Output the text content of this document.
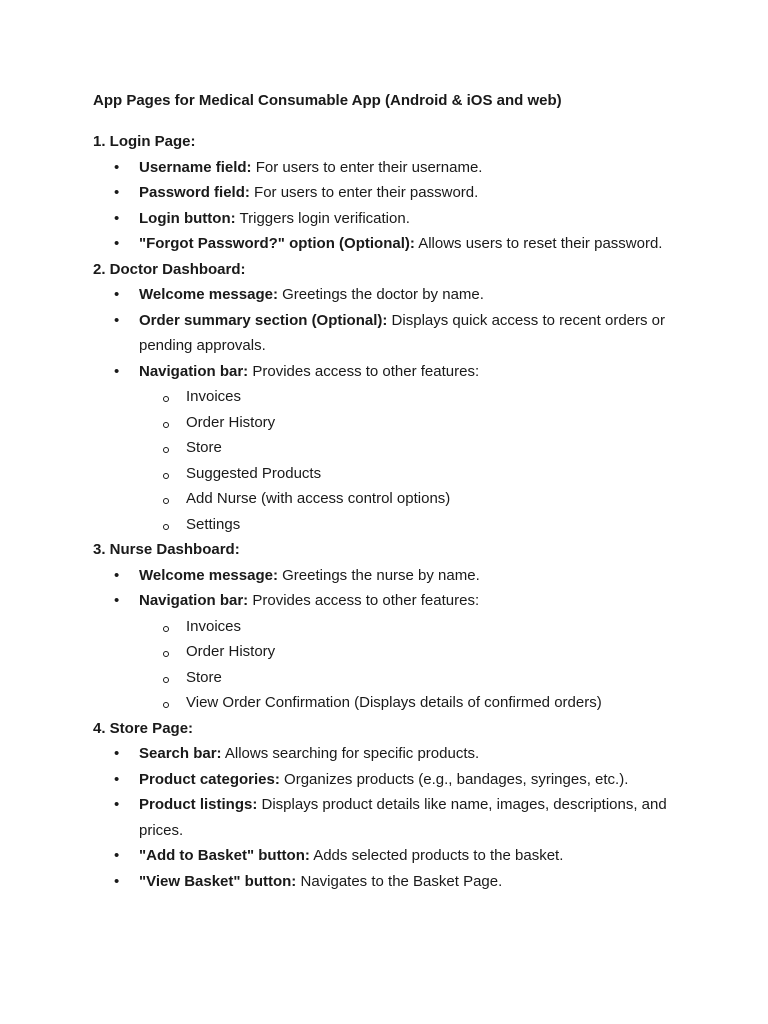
App Pages for Medical Consumable App (Android & iOS and web)
1. Login Page:
• Username field: For users to enter their username.
• Password field: For users to enter their password.
• Login button: Triggers login verification.
• "Forgot Password?" option (Optional): Allows users to reset their password.
2. Doctor Dashboard:
• Welcome message: Greetings the doctor by name.
• Order summary section (Optional): Displays quick access to recent orders or pending approvals.
• Navigation bar: Provides access to other features:
Invoices
Order History
Store
Suggested Products
Add Nurse (with access control options)
Settings
3. Nurse Dashboard:
• Welcome message: Greetings the nurse by name.
• Navigation bar: Provides access to other features:
Invoices
Order History
Store
View Order Confirmation (Displays details of confirmed orders)
4. Store Page:
• Search bar: Allows searching for specific products.
• Product categories: Organizes products (e.g., bandages, syringes, etc.).
• Product listings: Displays product details like name, images, descriptions, and prices.
• "Add to Basket" button: Adds selected products to the basket.
• "View Basket" button: Navigates to the Basket Page.
